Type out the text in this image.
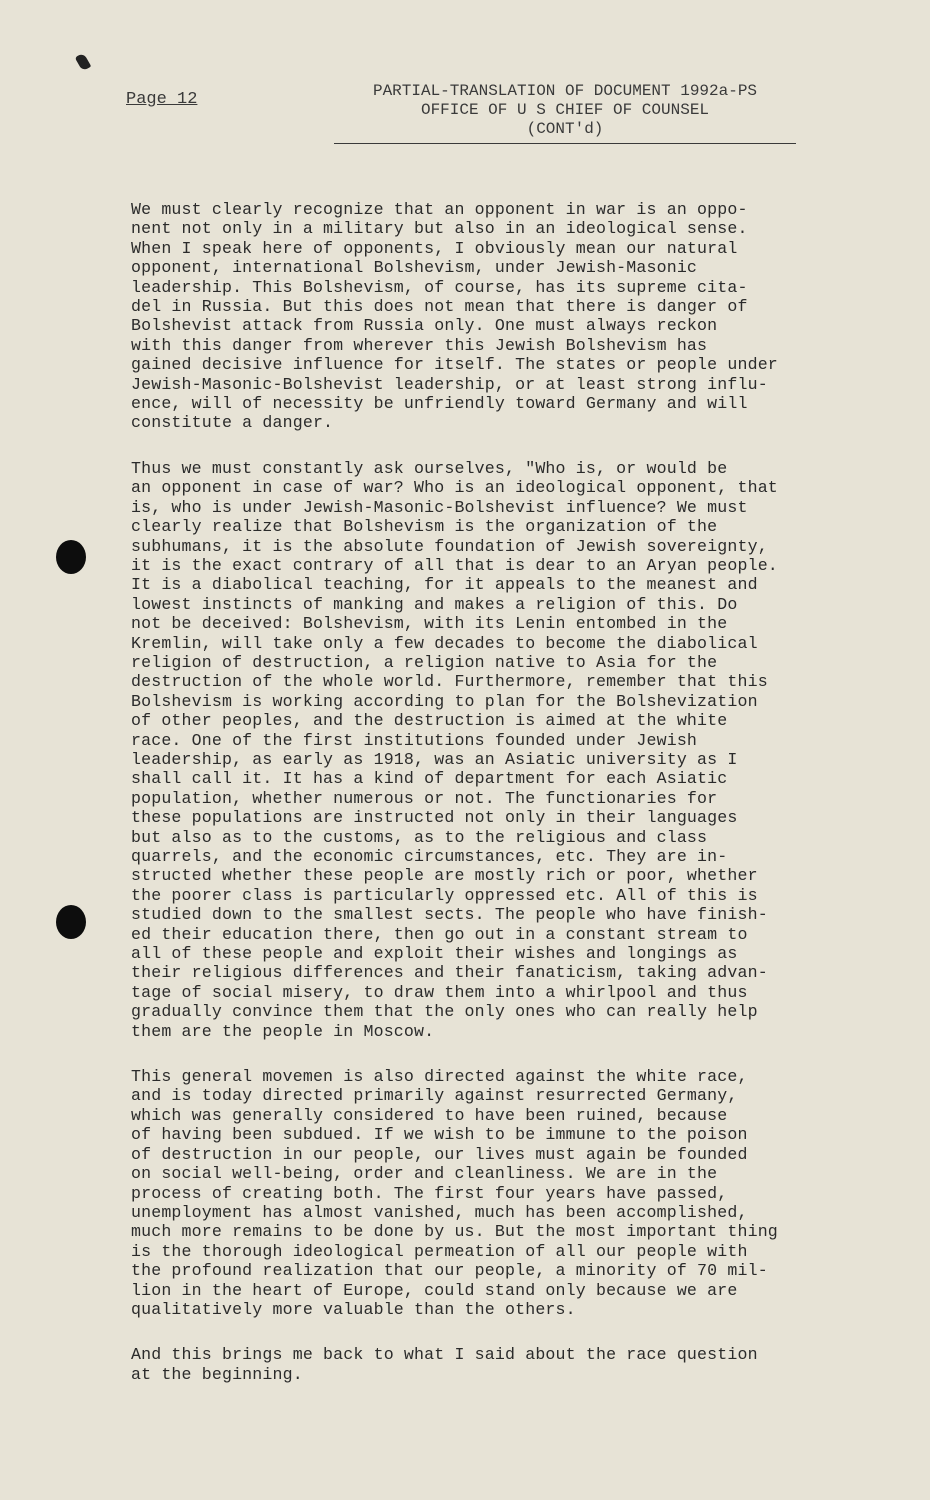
Page 12	PARTIAL-TRANSLATION OF DOCUMENT 1992a-PS
OFFICE OF U S CHIEF OF COUNSEL
(CONT'd)

We must clearly recognize that an opponent in war is an oppo-
nent not only in a military but also in an ideological sense.
When I speak here of opponents, I obviously mean our natural
opponent, international Bolshevism, under Jewish-Masonic
leadership. This Bolshevism, of course, has its supreme cita-
del in Russia. But this does not mean that there is danger of
Bolshevist attack from Russia only. One must always reckon
with this danger from wherever this Jewish Bolshevism has
gained decisive influence for itself. The states or people under
Jewish-Masonic-Bolshevist leadership, or at least strong influ-
ence, will of necessity be unfriendly toward Germany and will
constitute a danger.

Thus we must constantly ask ourselves, "Who is, or would be
an opponent in case of war? Who is an ideological opponent, that
is, who is under Jewish-Masonic-Bolshevist influence? We must
clearly realize that Bolshevism is the organization of the
subhumans, it is the absolute foundation of Jewish sovereignty,
it is the exact contrary of all that is dear to an Aryan people.
It is a diabolical teaching, for it appeals to the meanest and
lowest instincts of manking and makes a religion of this. Do
not be deceived: Bolshevism, with its Lenin entombed in the
Kremlin, will take only a few decades to become the diabolical
religion of destruction, a religion native to Asia for the
destruction of the whole world. Furthermore, remember that this
Bolshevism is working according to plan for the Bolshevization
of other peoples, and the destruction is aimed at the white
race. One of the first institutions founded under Jewish
leadership, as early as 1918, was an Asiatic university as I
shall call it. It has a kind of department for each Asiatic
population, whether numerous or not. The functionaries for
these populations are instructed not only in their languages
but also as to the customs, as to the religious and class
quarrels, and the economic circumstances, etc. They are in-
structed whether these people are mostly rich or poor, whether
the poorer class is particularly oppressed etc. All of this is
studied down to the smallest sects. The people who have finish-
ed their education there, then go out in a constant stream to
all of these people and exploit their wishes and longings as
their religious differences and their fanaticism, taking advan-
tage of social misery, to draw them into a whirlpool and thus
gradually convince them that the only ones who can really help
them are the people in Moscow.

This general movemen is also directed against the white race,
and is today directed primarily against resurrected Germany,
which was generally considered to have been ruined, because
of having been subdued. If we wish to be immune to the poison
of destruction in our people, our lives must again be founded
on social well-being, order and cleanliness. We are in the
process of creating both. The first four years have passed,
unemployment has almost vanished, much has been accomplished,
much more remains to be done by us. But the most important thing
is the thorough ideological permeation of all our people with
the profound realization that our people, a minority of 70 mil-
lion in the heart of Europe, could stand only because we are
qualitatively more valuable than the others.

And this brings me back to what I said about the race question
at the beginning.
